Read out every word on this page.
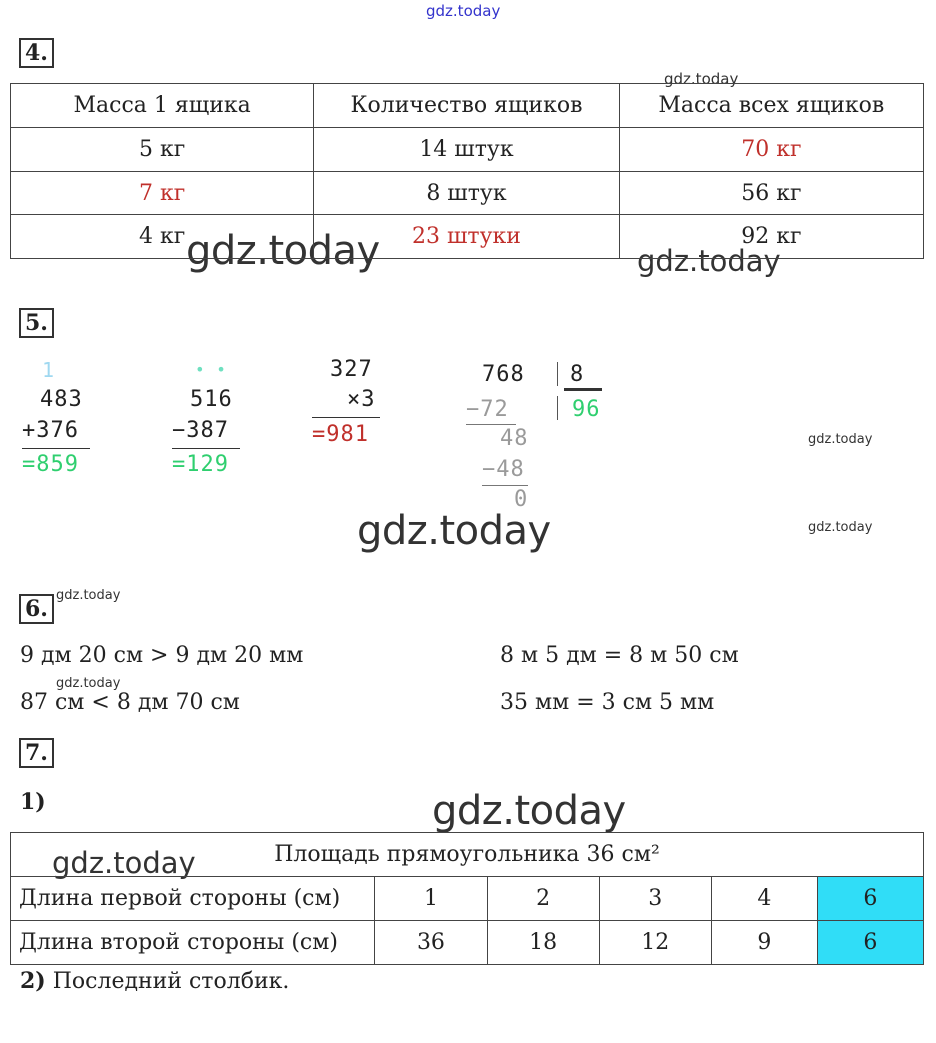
gdz.today
gdz.today
gdz.today	gdz.today
gdz.today
gdz.today	gdz.today
gdz.today
gdz.today
gdz.today
gdz.today
4.
Масса 1 ящика	Количество ящиков	Масса всех ящиков
5 кг	14 штук	70 кг
7 кг	8 штук	56 кг
4 кг	23 штуки	92 кг
5.
1
483
+376
=859
• •
516
−387
=129
327
×3
=981
768 8
96
−72
48
−48
0
6.
9 дм 20 см > 9 дм 20 мм	8 м 5 дм = 8 м 50 см
87 см < 8 дм 70 см	35 мм = 3 см 5 мм
7.
1)
Площадь прямоугольника 36 см²					
Длина первой стороны (см)	1	2	3	4	6
Длина второй стороны (см)	36	18	12	9	6
2) Последний столбик.
